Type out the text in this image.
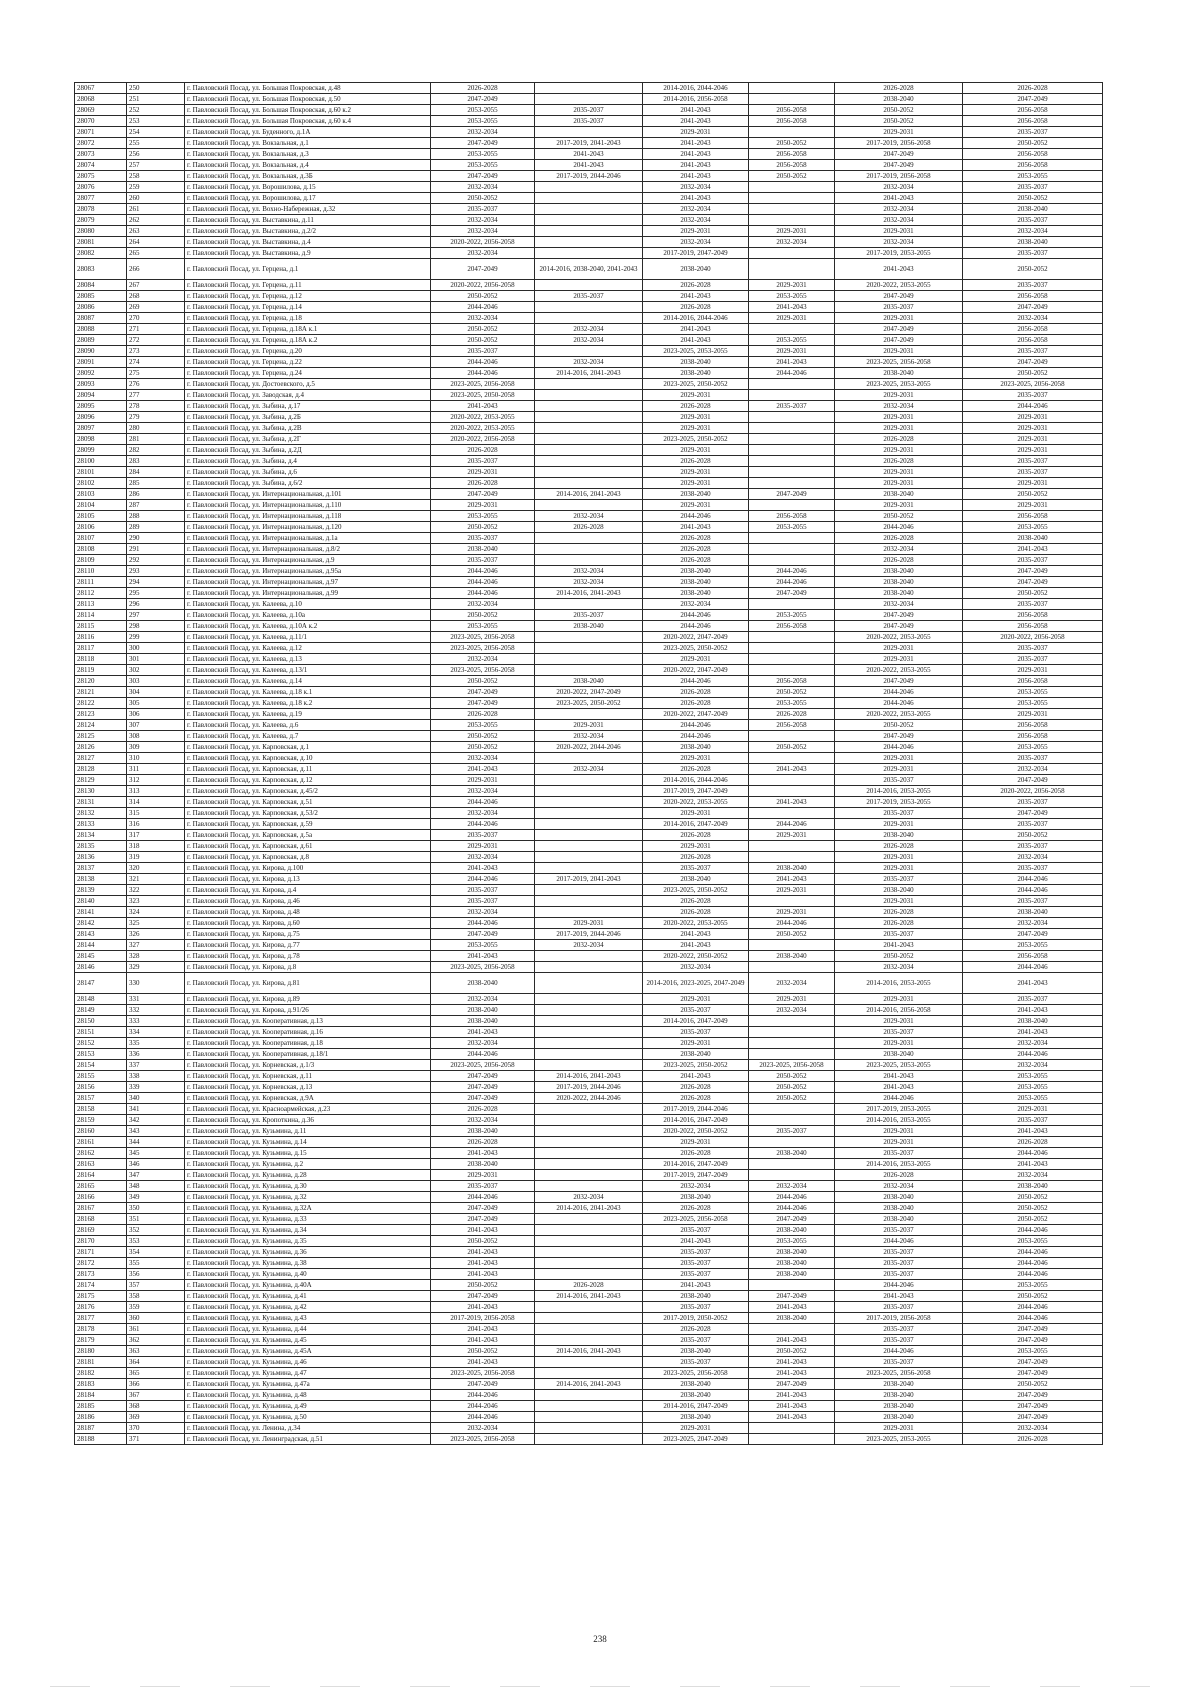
28067	250	г. Павловский Посад, ул. Большая Покровская, д.48	2026-2028		2014-2016, 2044-2046		2026-2028	2026-2028
28068	251	г. Павловский Посад, ул. Большая Покровская, д.50	2047-2049		2014-2016, 2056-2058		2038-2040	2047-2049
28069	252	г. Павловский Посад, ул. Большая Покровская, д.60 к.2	2053-2055	2035-2037	2041-2043	2056-2058	2050-2052	2056-2058
28070	253	г. Павловский Посад, ул. Большая Покровская, д.60 к.4	2053-2055	2035-2037	2041-2043	2056-2058	2050-2052	2056-2058
28071	254	г. Павловский Посад, ул. Буденного, д.1А	2032-2034		2029-2031		2029-2031	2035-2037
28072	255	г. Павловский Посад, ул. Вокзальная, д.1	2047-2049	2017-2019, 2041-2043	2041-2043	2050-2052	2017-2019, 2056-2058	2050-2052
28073	256	г. Павловский Посад, ул. Вокзальная, д.3	2053-2055	2041-2043	2041-2043	2056-2058	2047-2049	2056-2058
28074	257	г. Павловский Посад, ул. Вокзальная, д.4	2053-2055	2041-2043	2041-2043	2056-2058	2047-2049	2056-2058
28075	258	г. Павловский Посад, ул. Вокзальная, д.3Б	2047-2049	2017-2019, 2044-2046	2041-2043	2050-2052	2017-2019, 2056-2058	2053-2055
28076	259	г. Павловский Посад, ул. Ворошилова, д.15	2032-2034		2032-2034		2032-2034	2035-2037
28077	260	г. Павловский Посад, ул. Ворошилова, д.17	2050-2052		2041-2043		2041-2043	2050-2052
28078	261	г. Павловский Посад, ул. Вохно-Набережная, д.32	2035-2037		2032-2034		2032-2034	2038-2040
28079	262	г. Павловский Посад, ул. Выставкина, д.11	2032-2034		2032-2034		2032-2034	2035-2037
28080	263	г. Павловский Посад, ул. Выставкина, д.2/2	2032-2034		2029-2031	2029-2031	2029-2031	2032-2034
28081	264	г. Павловский Посад, ул. Выставкина, д.4	2020-2022, 2056-2058		2032-2034	2032-2034	2032-2034	2038-2040
28082	265	г. Павловский Посад, ул. Выставкина, д.9	2032-2034		2017-2019, 2047-2049		2017-2019, 2053-2055	2035-2037
28083	266	г. Павловский Посад, ул. Герцена, д.1	2047-2049	2014-2016, 2038-2040, 2041-2043	2038-2040		2041-2043	2050-2052
28084	267	г. Павловский Посад, ул. Герцена, д.11	2020-2022, 2056-2058		2026-2028	2029-2031	2020-2022, 2053-2055	2035-2037
28085	268	г. Павловский Посад, ул. Герцена, д.12	2050-2052	2035-2037	2041-2043	2053-2055	2047-2049	2056-2058
28086	269	г. Павловский Посад, ул. Герцена, д.14	2044-2046		2026-2028	2041-2043	2035-2037	2047-2049
28087	270	г. Павловский Посад, ул. Герцена, д.18	2032-2034		2014-2016, 2044-2046	2029-2031	2029-2031	2032-2034
28088	271	г. Павловский Посад, ул. Герцена, д.18А к.1	2050-2052	2032-2034	2041-2043		2047-2049	2056-2058
28089	272	г. Павловский Посад, ул. Герцена, д.18А к.2	2050-2052	2032-2034	2041-2043	2053-2055	2047-2049	2056-2058
28090	273	г. Павловский Посад, ул. Герцена, д.20	2035-2037		2023-2025, 2053-2055	2029-2031	2029-2031	2035-2037
28091	274	г. Павловский Посад, ул. Герцена, д.22	2044-2046	2032-2034	2038-2040	2041-2043	2023-2025, 2056-2058	2047-2049
28092	275	г. Павловский Посад, ул. Герцена, д.24	2044-2046	2014-2016, 2041-2043	2038-2040	2044-2046	2038-2040	2050-2052
28093	276	г. Павловский Посад, ул. Достоевского, д.5	2023-2025, 2056-2058		2023-2025, 2050-2052		2023-2025, 2053-2055	2023-2025, 2056-2058
28094	277	г. Павловский Посад, ул. Заводская, д.4	2023-2025, 2050-2058		2029-2031		2029-2031	2035-2037
28095	278	г. Павловский Посад, ул. Зыбина, д.17	2041-2043		2026-2028	2035-2037	2032-2034	2044-2046
28096	279	г. Павловский Посад, ул. Зыбина, д.2Б	2020-2022, 2053-2055		2029-2031		2029-2031	2029-2031
28097	280	г. Павловский Посад, ул. Зыбина, д.2В	2020-2022, 2053-2055		2029-2031		2029-2031	2029-2031
28098	281	г. Павловский Посад, ул. Зыбина, д.2Г	2020-2022, 2056-2058		2023-2025, 2050-2052		2026-2028	2029-2031
28099	282	г. Павловский Посад, ул. Зыбина, д.2Д	2026-2028		2029-2031		2029-2031	2029-2031
28100	283	г. Павловский Посад, ул. Зыбина, д.4	2035-2037		2026-2028		2026-2028	2035-2037
28101	284	г. Павловский Посад, ул. Зыбина, д.6	2029-2031		2029-2031		2029-2031	2035-2037
28102	285	г. Павловский Посад, ул. Зыбина, д.6/2	2026-2028		2029-2031		2029-2031	2029-2031
28103	286	г. Павловский Посад, ул. Интернациональная, д.101	2047-2049	2014-2016, 2041-2043	2038-2040	2047-2049	2038-2040	2050-2052
28104	287	г. Павловский Посад, ул. Интернациональная, д.110	2029-2031		2029-2031		2029-2031	2029-2031
28105	288	г. Павловский Посад, ул. Интернациональная, д.118	2053-2055	2032-2034	2044-2046	2056-2058	2050-2052	2056-2058
28106	289	г. Павловский Посад, ул. Интернациональная, д.120	2050-2052	2026-2028	2041-2043	2053-2055	2044-2046	2053-2055
28107	290	г. Павловский Посад, ул. Интернациональная, д.1а	2035-2037		2026-2028		2026-2028	2038-2040
28108	291	г. Павловский Посад, ул. Интернациональная, д.8/2	2038-2040		2026-2028		2032-2034	2041-2043
28109	292	г. Павловский Посад, ул. Интернациональная, д.9	2035-2037		2026-2028		2026-2028	2035-2037
28110	293	г. Павловский Посад, ул. Интернациональная, д.95а	2044-2046	2032-2034	2038-2040	2044-2046	2038-2040	2047-2049
28111	294	г. Павловский Посад, ул. Интернациональная, д.97	2044-2046	2032-2034	2038-2040	2044-2046	2038-2040	2047-2049
28112	295	г. Павловский Посад, ул. Интернациональная, д.99	2044-2046	2014-2016, 2041-2043	2038-2040	2047-2049	2038-2040	2050-2052
28113	296	г. Павловский Посад, ул. Калеева, д.10	2032-2034		2032-2034		2032-2034	2035-2037
28114	297	г. Павловский Посад, ул. Калеева, д.10а	2050-2052	2035-2037	2044-2046	2053-2055	2047-2049	2056-2058
28115	298	г. Павловский Посад, ул. Калеева, д.10А к.2	2053-2055	2038-2040	2044-2046	2056-2058	2047-2049	2056-2058
28116	299	г. Павловский Посад, ул. Калеева, д.11/1	2023-2025, 2056-2058		2020-2022, 2047-2049		2020-2022, 2053-2055	2020-2022, 2056-2058
28117	300	г. Павловский Посад, ул. Калеева, д.12	2023-2025, 2056-2058		2023-2025, 2050-2052		2029-2031	2035-2037
28118	301	г. Павловский Посад, ул. Калеева, д.13	2032-2034		2029-2031		2029-2031	2035-2037
28119	302	г. Павловский Посад, ул. Калеева, д.13/1	2023-2025, 2056-2058		2020-2022, 2047-2049		2020-2022, 2053-2055	2029-2031
28120	303	г. Павловский Посад, ул. Калеева, д.14	2050-2052	2038-2040	2044-2046	2056-2058	2047-2049	2056-2058
28121	304	г. Павловский Посад, ул. Калеева, д.18 к.1	2047-2049	2020-2022, 2047-2049	2026-2028	2050-2052	2044-2046	2053-2055
28122	305	г. Павловский Посад, ул. Калеева, д.18 к.2	2047-2049	2023-2025, 2050-2052	2026-2028	2053-2055	2044-2046	2053-2055
28123	306	г. Павловский Посад, ул. Калеева, д.19	2026-2028		2020-2022, 2047-2049	2026-2028	2020-2022, 2053-2055	2029-2031
28124	307	г. Павловский Посад, ул. Калеева, д.6	2053-2055	2029-2031	2044-2046	2056-2058	2050-2052	2056-2058
28125	308	г. Павловский Посад, ул. Калеева, д.7	2050-2052	2032-2034	2044-2046		2047-2049	2056-2058
28126	309	г. Павловский Посад, ул. Карповская, д.1	2050-2052	2020-2022, 2044-2046	2038-2040	2050-2052	2044-2046	2053-2055
28127	310	г. Павловский Посад, ул. Карповская, д.10	2032-2034		2029-2031		2029-2031	2035-2037
28128	311	г. Павловский Посад, ул. Карповская, д.11	2041-2043	2032-2034	2026-2028	2041-2043	2029-2031	2032-2034
28129	312	г. Павловский Посад, ул. Карповская, д.12	2029-2031		2014-2016, 2044-2046		2035-2037	2047-2049
28130	313	г. Павловский Посад, ул. Карповская, д.45/2	2032-2034		2017-2019, 2047-2049		2014-2016, 2053-2055	2020-2022, 2056-2058
28131	314	г. Павловский Посад, ул. Карповская, д.51	2044-2046		2020-2022, 2053-2055	2041-2043	2017-2019, 2053-2055	2035-2037
28132	315	г. Павловский Посад, ул. Карповская, д.53/2	2032-2034		2029-2031		2035-2037	2047-2049
28133	316	г. Павловский Посад, ул. Карповская, д.59	2044-2046		2014-2016, 2047-2049	2044-2046	2029-2031	2035-2037
28134	317	г. Павловский Посад, ул. Карповская, д.5а	2035-2037		2026-2028	2029-2031	2038-2040	2050-2052
28135	318	г. Павловский Посад, ул. Карповская, д.61	2029-2031		2029-2031		2026-2028	2035-2037
28136	319	г. Павловский Посад, ул. Карповская, д.8	2032-2034		2026-2028		2029-2031	2032-2034
28137	320	г. Павловский Посад, ул. Кирова, д.100	2041-2043		2035-2037	2038-2040	2029-2031	2035-2037
28138	321	г. Павловский Посад, ул. Кирова, д.13	2044-2046	2017-2019, 2041-2043	2038-2040	2041-2043	2035-2037	2044-2046
28139	322	г. Павловский Посад, ул. Кирова, д.4	2035-2037		2023-2025, 2050-2052	2029-2031	2038-2040	2044-2046
28140	323	г. Павловский Посад, ул. Кирова, д.46	2035-2037		2026-2028		2029-2031	2035-2037
28141	324	г. Павловский Посад, ул. Кирова, д.48	2032-2034		2026-2028	2029-2031	2026-2028	2038-2040
28142	325	г. Павловский Посад, ул. Кирова, д.60	2044-2046	2029-2031	2020-2022, 2053-2055	2044-2046	2026-2028	2032-2034
28143	326	г. Павловский Посад, ул. Кирова, д.75	2047-2049	2017-2019, 2044-2046	2041-2043	2050-2052	2035-2037	2047-2049
28144	327	г. Павловский Посад, ул. Кирова, д.77	2053-2055	2032-2034	2041-2043		2041-2043	2053-2055
28145	328	г. Павловский Посад, ул. Кирова, д.78	2041-2043		2020-2022, 2050-2052	2038-2040	2050-2052	2056-2058
28146	329	г. Павловский Посад, ул. Кирова, д.8	2023-2025, 2056-2058		2032-2034		2032-2034	2044-2046
28147	330	г. Павловский Посад, ул. Кирова, д.81	2038-2040		2014-2016, 2023-2025, 2047-2049	2032-2034	2014-2016, 2053-2055	2041-2043
28148	331	г. Павловский Посад, ул. Кирова, д.89	2032-2034		2029-2031	2029-2031	2029-2031	2035-2037
28149	332	г. Павловский Посад, ул. Кирова, д.91/26	2038-2040		2035-2037	2032-2034	2014-2016, 2056-2058	2041-2043
28150	333	г. Павловский Посад, ул. Кооперативная, д.13	2038-2040		2014-2016, 2047-2049		2029-2031	2038-2040
28151	334	г. Павловский Посад, ул. Кооперативная, д.16	2041-2043		2035-2037		2035-2037	2041-2043
28152	335	г. Павловский Посад, ул. Кооперативная, д.18	2032-2034		2029-2031		2029-2031	2032-2034
28153	336	г. Павловский Посад, ул. Кооперативная, д.18/1	2044-2046		2038-2040		2038-2040	2044-2046
28154	337	г. Павловский Посад, ул. Корневская, д.1/3	2023-2025, 2056-2058		2023-2025, 2050-2052	2023-2025, 2056-2058	2023-2025, 2053-2055	2032-2034
28155	338	г. Павловский Посад, ул. Корневская, д.11	2047-2049	2014-2016, 2041-2043	2041-2043	2050-2052	2041-2043	2053-2055
28156	339	г. Павловский Посад, ул. Корневская, д.13	2047-2049	2017-2019, 2044-2046	2026-2028	2050-2052	2041-2043	2053-2055
28157	340	г. Павловский Посад, ул. Корневская, д.9А	2047-2049	2020-2022, 2044-2046	2026-2028	2050-2052	2044-2046	2053-2055
28158	341	г. Павловский Посад, ул. Красноармейская, д.23	2026-2028		2017-2019, 2044-2046		2017-2019, 2053-2055	2029-2031
28159	342	г. Павловский Посад, ул. Кропоткина, д.36	2032-2034		2014-2016, 2047-2049		2014-2016, 2053-2055	2035-2037
28160	343	г. Павловский Посад, ул. Кузьмина, д.11	2038-2040		2020-2022, 2050-2052	2035-2037	2029-2031	2041-2043
28161	344	г. Павловский Посад, ул. Кузьмина, д.14	2026-2028		2029-2031		2029-2031	2026-2028
28162	345	г. Павловский Посад, ул. Кузьмина, д.15	2041-2043		2026-2028	2038-2040	2035-2037	2044-2046
28163	346	г. Павловский Посад, ул. Кузьмина, д.2	2038-2040		2014-2016, 2047-2049		2014-2016, 2053-2055	2041-2043
28164	347	г. Павловский Посад, ул. Кузьмина, д.28	2029-2031		2017-2019, 2047-2049		2026-2028	2032-2034
28165	348	г. Павловский Посад, ул. Кузьмина, д.30	2035-2037		2032-2034	2032-2034	2032-2034	2038-2040
28166	349	г. Павловский Посад, ул. Кузьмина, д.32	2044-2046	2032-2034	2038-2040	2044-2046	2038-2040	2050-2052
28167	350	г. Павловский Посад, ул. Кузьмина, д.32А	2047-2049	2014-2016, 2041-2043	2026-2028	2044-2046	2038-2040	2050-2052
28168	351	г. Павловский Посад, ул. Кузьмина, д.33	2047-2049		2023-2025, 2056-2058	2047-2049	2038-2040	2050-2052
28169	352	г. Павловский Посад, ул. Кузьмина, д.34	2041-2043		2035-2037	2038-2040	2035-2037	2044-2046
28170	353	г. Павловский Посад, ул. Кузьмина, д.35	2050-2052		2041-2043	2053-2055	2044-2046	2053-2055
28171	354	г. Павловский Посад, ул. Кузьмина, д.36	2041-2043		2035-2037	2038-2040	2035-2037	2044-2046
28172	355	г. Павловский Посад, ул. Кузьмина, д.38	2041-2043		2035-2037	2038-2040	2035-2037	2044-2046
28173	356	г. Павловский Посад, ул. Кузьмина, д.40	2041-2043		2035-2037	2038-2040	2035-2037	2044-2046
28174	357	г. Павловский Посад, ул. Кузьмина, д.40А	2050-2052	2026-2028	2041-2043		2044-2046	2053-2055
28175	358	г. Павловский Посад, ул. Кузьмина, д.41	2047-2049	2014-2016, 2041-2043	2038-2040	2047-2049	2041-2043	2050-2052
28176	359	г. Павловский Посад, ул. Кузьмина, д.42	2041-2043		2035-2037	2041-2043	2035-2037	2044-2046
28177	360	г. Павловский Посад, ул. Кузьмина, д.43	2017-2019, 2056-2058		2017-2019, 2050-2052	2038-2040	2017-2019, 2056-2058	2044-2046
28178	361	г. Павловский Посад, ул. Кузьмина, д.44	2041-2043		2026-2028		2035-2037	2047-2049
28179	362	г. Павловский Посад, ул. Кузьмина, д.45	2041-2043		2035-2037	2041-2043	2035-2037	2047-2049
28180	363	г. Павловский Посад, ул. Кузьмина, д.45А	2050-2052	2014-2016, 2041-2043	2038-2040	2050-2052	2044-2046	2053-2055
28181	364	г. Павловский Посад, ул. Кузьмина, д.46	2041-2043		2035-2037	2041-2043	2035-2037	2047-2049
28182	365	г. Павловский Посад, ул. Кузьмина, д.47	2023-2025, 2056-2058		2023-2025, 2056-2058	2041-2043	2023-2025, 2056-2058	2047-2049
28183	366	г. Павловский Посад, ул. Кузьмина, д.47а	2047-2049	2014-2016, 2041-2043	2038-2040	2047-2049	2038-2040	2050-2052
28184	367	г. Павловский Посад, ул. Кузьмина, д.48	2044-2046		2038-2040	2041-2043	2038-2040	2047-2049
28185	368	г. Павловский Посад, ул. Кузьмина, д.49	2044-2046		2014-2016, 2047-2049	2041-2043	2038-2040	2047-2049
28186	369	г. Павловский Посад, ул. Кузьмина, д.50	2044-2046		2038-2040	2041-2043	2038-2040	2047-2049
28187	370	г. Павловский Посад, ул. Ленина, д.34	2032-2034		2029-2031		2029-2031	2032-2034
28188	371	г. Павловский Посад, ул. Ленинградская, д.51	2023-2025, 2056-2058		2023-2025, 2047-2049		2023-2025, 2053-2055	2026-2028
238
